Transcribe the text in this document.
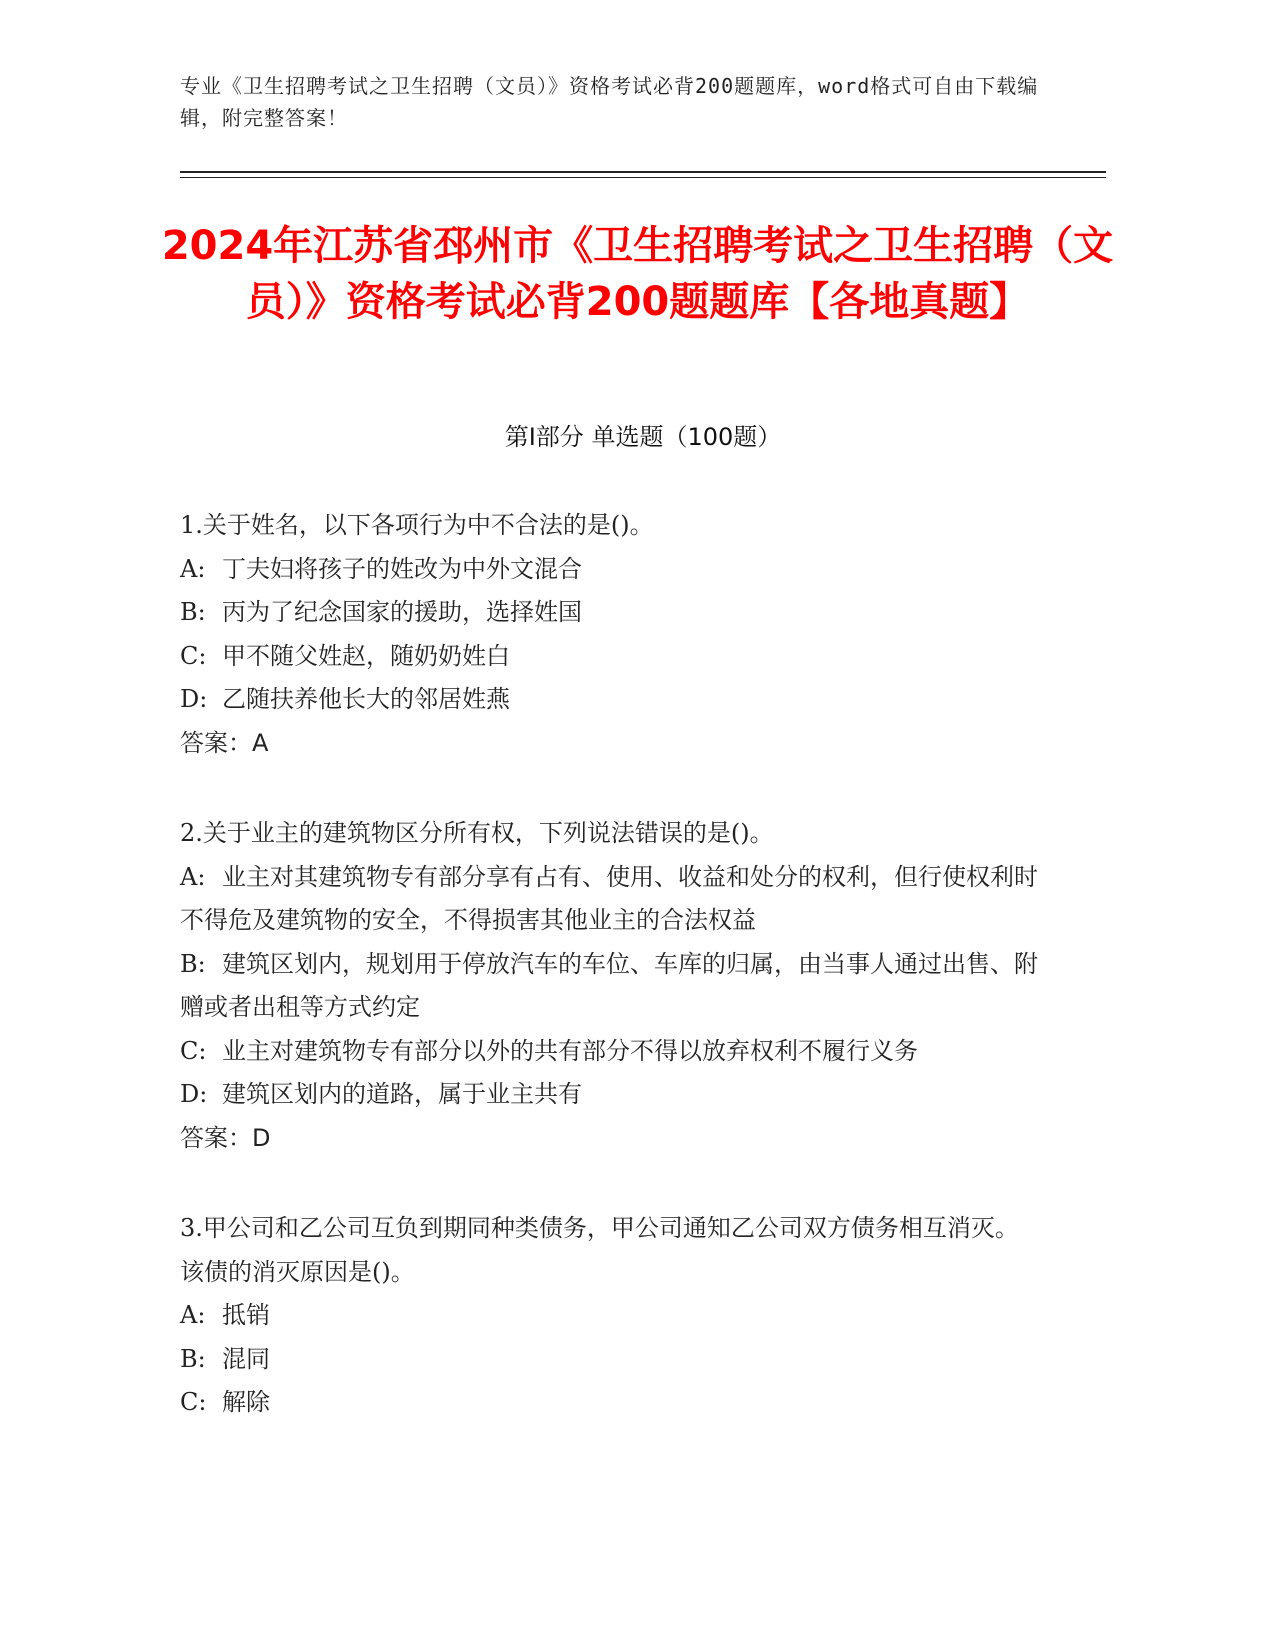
专业《卫生招聘考试之卫生招聘（文员）》资格考试必背200题题库，word格式可自由下载编辑，附完整答案！
2024年江苏省邳州市《卫生招聘考试之卫生招聘（文员）》资格考试必背200题题库【各地真题】
第I部分 单选题（100题）
1.关于姓名，以下各项行为中不合法的是()。
A: 丁夫妇将孩子的姓改为中外文混合
B: 丙为了纪念国家的援助，选择姓国
C: 甲不随父姓赵，随奶奶姓白
D: 乙随扶养他长大的邻居姓燕
答案：A
2.关于业主的建筑物区分所有权，下列说法错误的是()。
A: 业主对其建筑物专有部分享有占有、使用、收益和处分的权利，但行使权利时不得危及建筑物的安全，不得损害其他业主的合法权益
B: 建筑区划内，规划用于停放汽车的车位、车库的归属，由当事人通过出售、附赠或者出租等方式约定
C: 业主对建筑物专有部分以外的共有部分不得以放弃权利不履行义务
D: 建筑区划内的道路，属于业主共有
答案：D
3.甲公司和乙公司互负到期同种类债务，甲公司通知乙公司双方债务相互消灭。该债的消灭原因是()。
A: 抵销
B: 混同
C: 解除
